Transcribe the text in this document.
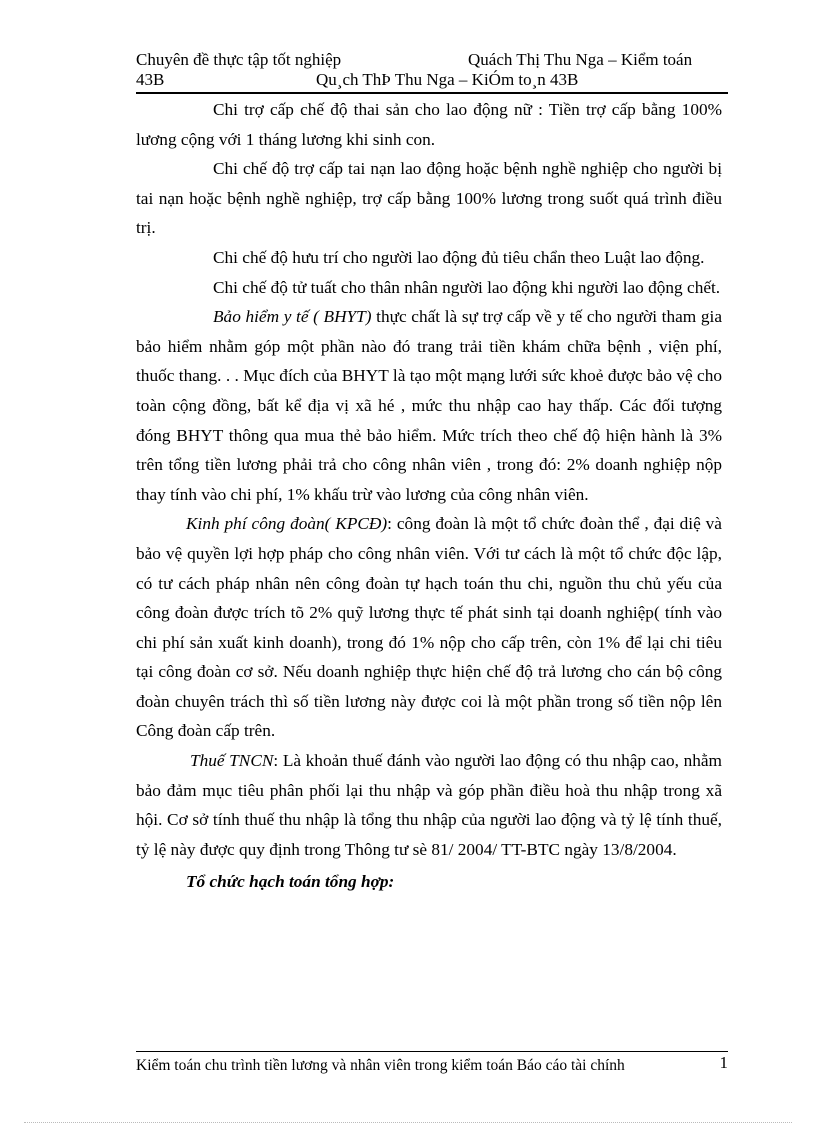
Chuyên đề thực tập tốt nghiệp	Quách Thị Thu Nga – Kiểm toán
43B	Qu¸ch ThÞ Thu Nga – KiÓm to¸n 43B

Chi trợ cấp chế độ thai sản cho lao động nữ : Tiền trợ cấp bằng 100% lương cộng với 1 tháng lương khi sinh con.

Chi chế độ trợ cấp tai nạn lao động hoặc bệnh nghề nghiệp cho người bị tai nạn hoặc bệnh nghề nghiệp, trợ cấp bằng 100% lương trong suốt quá trình điều trị.

Chi chế độ hưu trí cho người lao động đủ tiêu chẩn theo Luật lao động.

Chi chế độ tử tuất cho thân nhân người lao động khi người lao động chết.

Bảo hiểm y tế ( BHYT) thực chất là sự trợ cấp về y tế cho người tham gia bảo hiểm nhằm góp một phần nào đó trang trải tiền khám chữa bệnh , viện phí, thuốc thang. . . Mục đích của BHYT là tạo một mạng lưới sức khoẻ được bảo vệ cho toàn cộng đồng, bất kể địa vị xã hé , mức thu nhập cao hay thấp. Các đối tượng đóng BHYT thông qua mua thẻ bảo hiểm. Mức trích theo chế độ hiện hành là 3% trên tổng tiền lương phải trả cho công nhân viên , trong đó: 2% doanh nghiệp nộp thay tính vào chi phí, 1% khấu trừ vào lương của công nhân viên.

Kinh phí công đoàn( KPCĐ): công đoàn là một tổ chức đoàn thể , đại diệ và bảo vệ quyền lợi hợp pháp cho công nhân viên. Với tư cách là một tổ chức độc lập, có tư cách pháp nhân nên công đoàn tự hạch toán thu chi, nguồn thu chủ yếu của công đoàn được trích tõ 2% quỹ lương thực tế phát sinh tại doanh nghiệp( tính vào chi phí sản xuất kinh doanh), trong đó 1% nộp cho cấp trên, còn 1% để lại chi tiêu tại công đoàn cơ sở. Nếu doanh nghiệp thực hiện chế độ trả lương cho cán bộ công đoàn chuyên trách thì số tiền lương này được coi là một phần trong số tiền nộp lên Công đoàn cấp trên.

Thuế TNCN: Là khoản thuế đánh vào người lao động có thu nhập cao, nhằm bảo đảm mục tiêu phân phối lại thu nhập và góp phần điều hoà thu nhập trong xã hội. Cơ sở tính thuế thu nhập là tổng thu nhập của người lao động và tỷ lệ tính thuế, tỷ lệ này được quy định trong Thông tư sè 81/ 2004/ TT-BTC ngày 13/8/2004.

Tổ chức hạch toán tổng hợp:

Kiểm toán chu trình tiền lương và nhân viên trong kiểm toán Báo cáo tài chính	1
